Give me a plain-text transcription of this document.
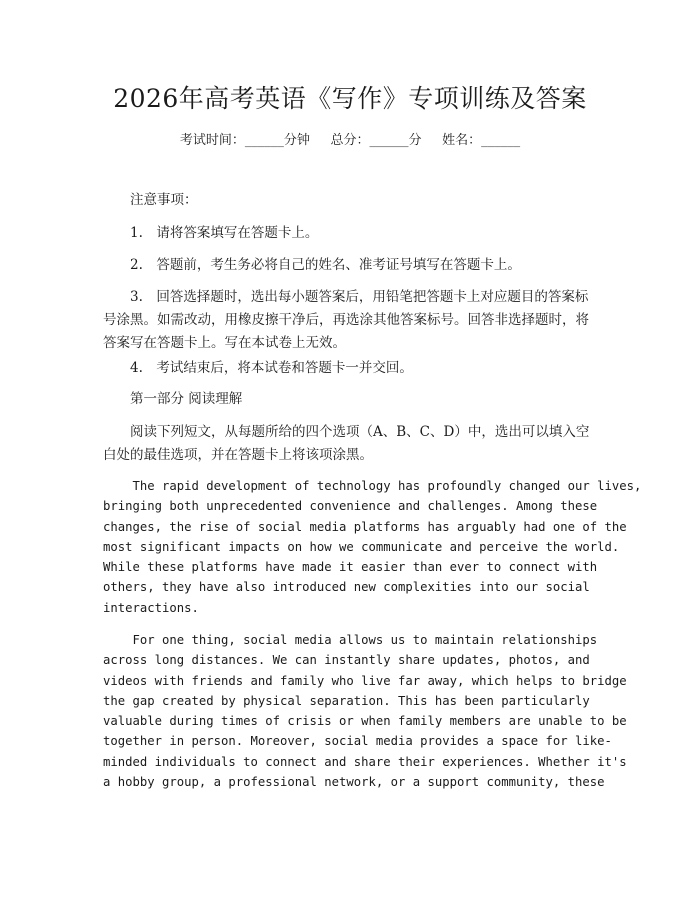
2026年高考英语《写作》专项训练及答案
考试时间：______分钟     总分：______分     姓名：______
注意事项：
1.　请将答案填写在答题卡上。
2.　答题前，考生务必将自己的姓名、准考证号填写在答题卡上。
3.　回答选择题时，选出每小题答案后，用铅笔把答题卡上对应题目的答案标号涂黑。如需改动，用橡皮擦干净后，再选涂其他答案标号。回答非选择题时，将答案写在答题卡上。写在本试卷上无效。
4.　考试结束后，将本试卷和答题卡一并交回。
第一部分 阅读理解
阅读下列短文，从每题所给的四个选项（A、B、C、D）中，选出可以填入空白处的最佳选项，并在答题卡上将该项涂黑。
The rapid development of technology has profoundly changed our lives,
bringing both unprecedented convenience and challenges. Among these
changes, the rise of social media platforms has arguably had one of the
most significant impacts on how we communicate and perceive the world.
While these platforms have made it easier than ever to connect with
others, they have also introduced new complexities into our social
interactions.
For one thing, social media allows us to maintain relationships
across long distances. We can instantly share updates, photos, and
videos with friends and family who live far away, which helps to bridge
the gap created by physical separation. This has been particularly
valuable during times of crisis or when family members are unable to be
together in person. Moreover, social media provides a space for like-
minded individuals to connect and share their experiences. Whether it's
a hobby group, a professional network, or a support community, these
